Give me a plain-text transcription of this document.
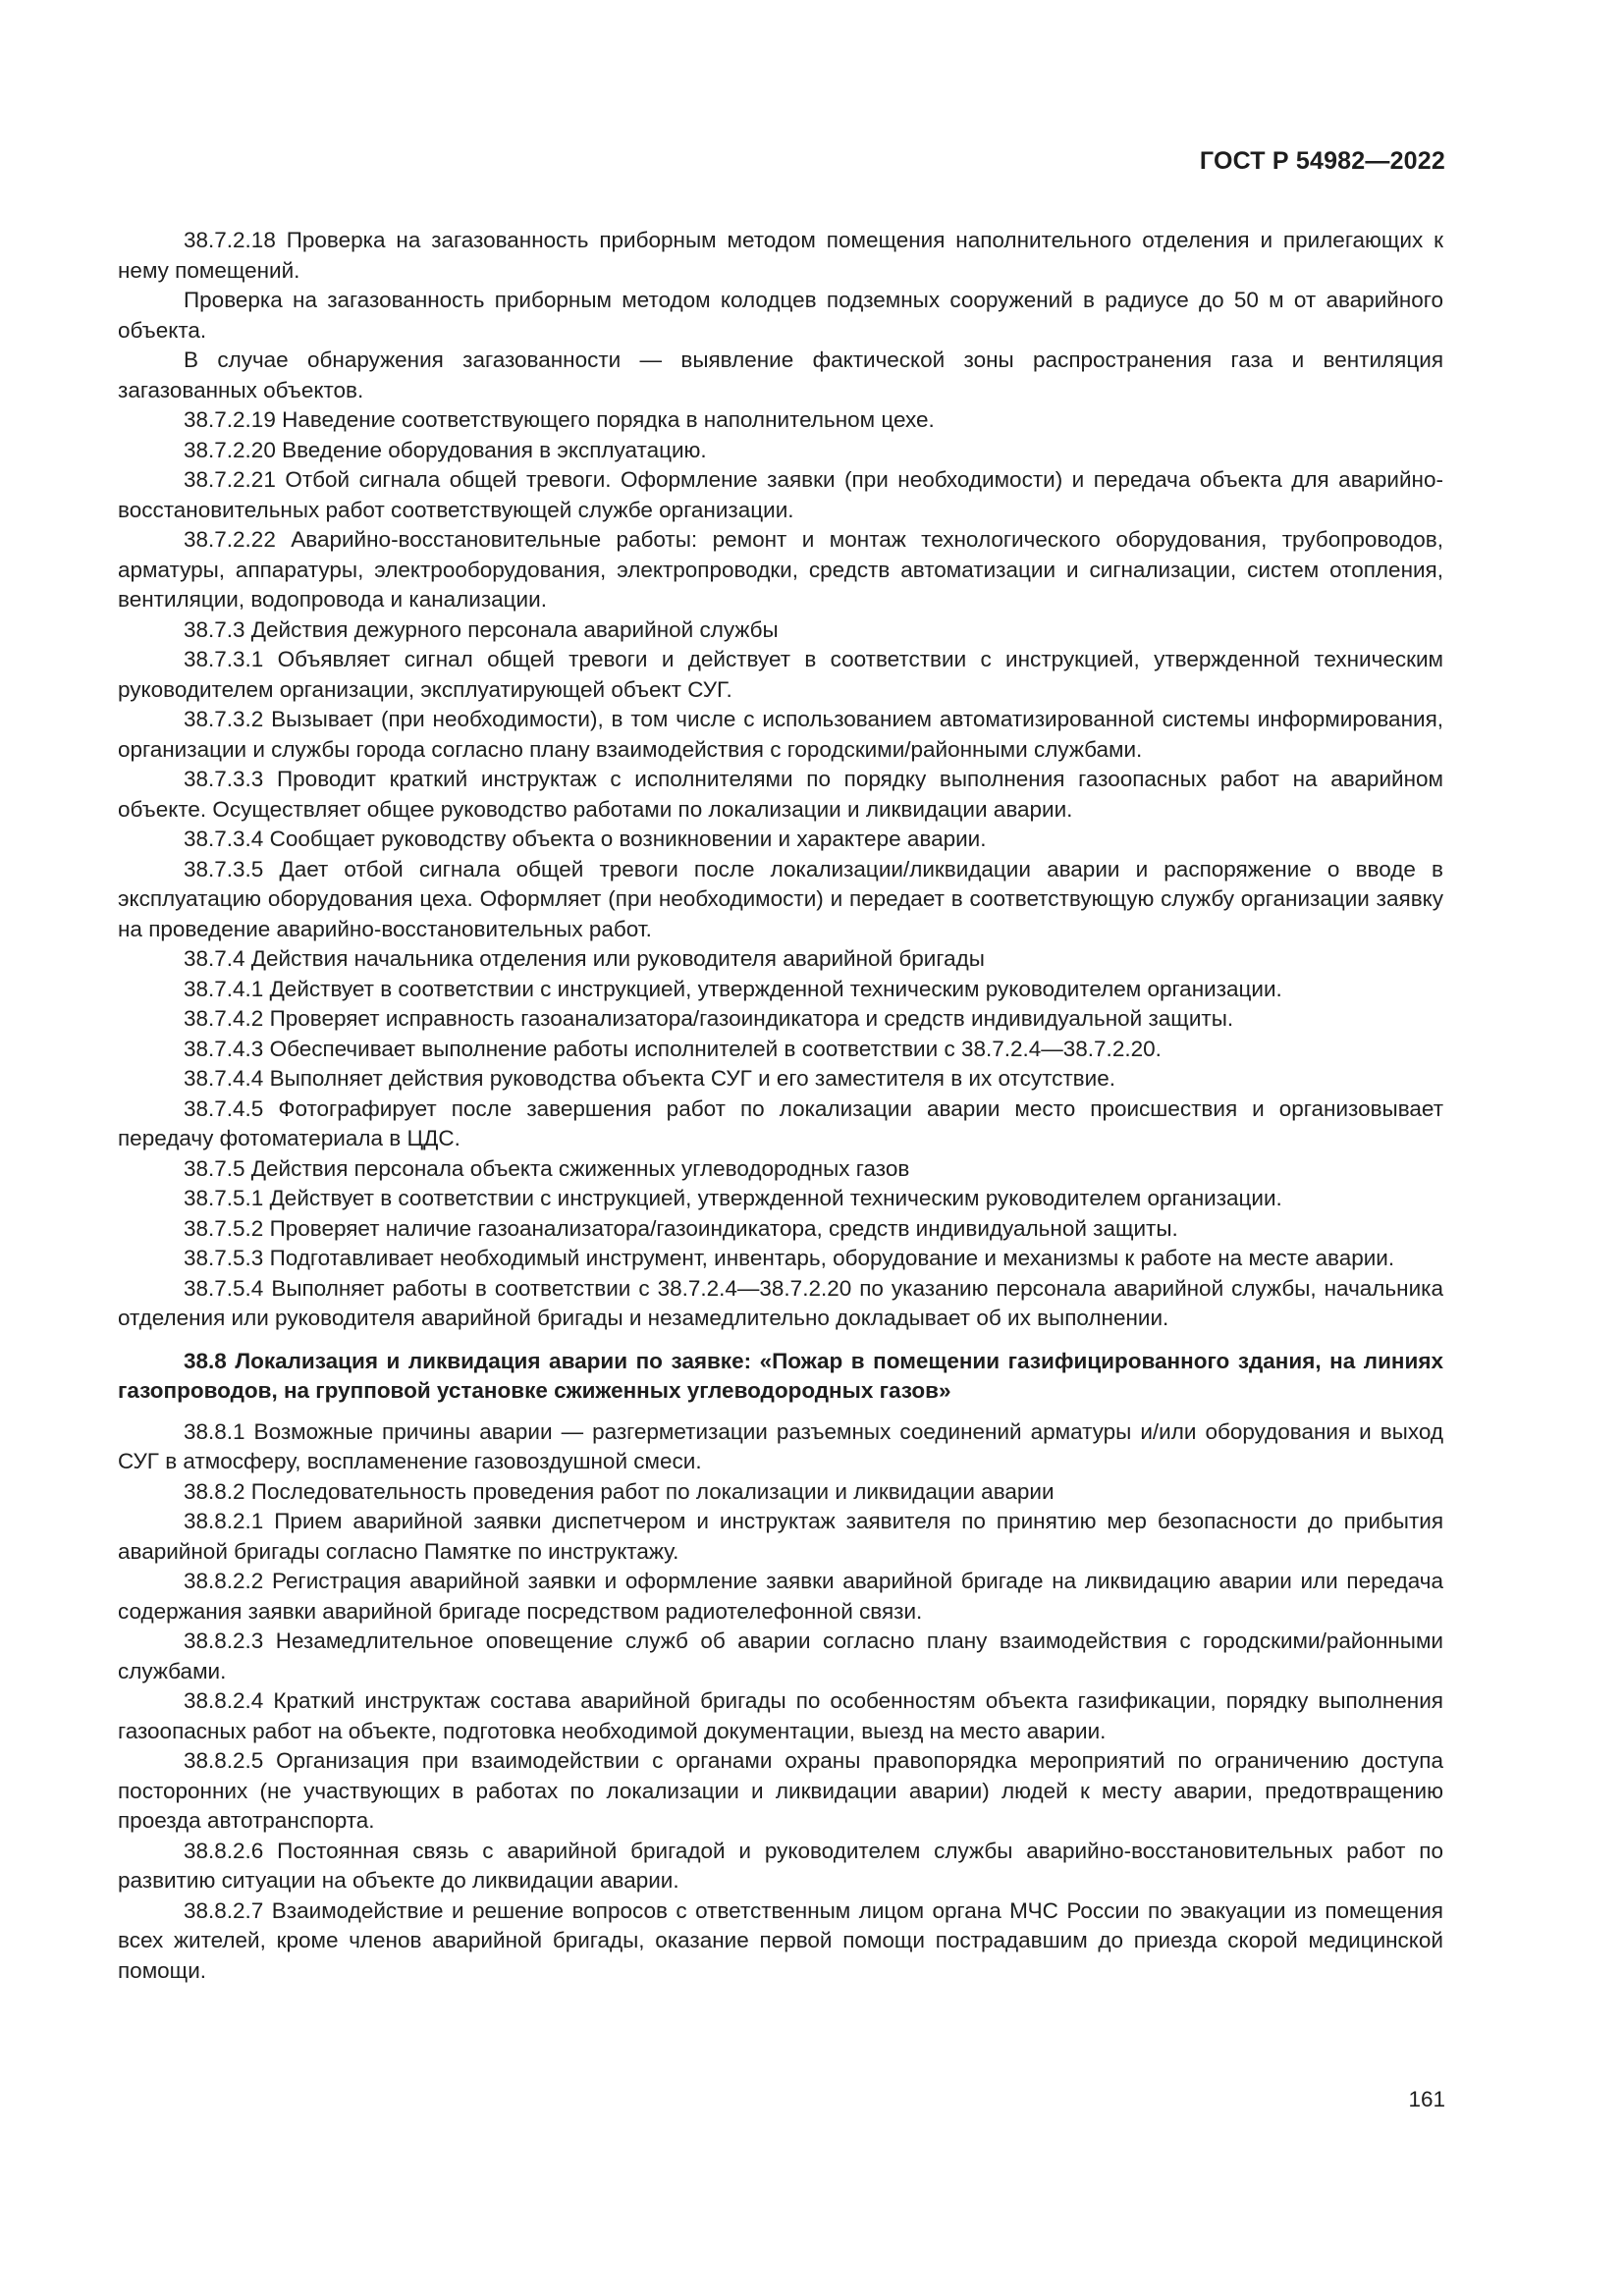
ГОСТ Р 54982—2022

38.7.2.18 Проверка на загазованность приборным методом помещения наполнительного отделения и прилегающих к нему помещений.

Проверка на загазованность приборным методом колодцев подземных сооружений в радиусе до 50 м от аварийного объекта.

В случае обнаружения загазованности — выявление фактической зоны распространения газа и вентиляция загазованных объектов.

38.7.2.19 Наведение соответствующего порядка в наполнительном цехе.

38.7.2.20 Введение оборудования в эксплуатацию.

38.7.2.21 Отбой сигнала общей тревоги. Оформление заявки (при необходимости) и передача объекта для аварийно-восстановительных работ соответствующей службе организации.

38.7.2.22 Аварийно-восстановительные работы: ремонт и монтаж технологического оборудования, трубопроводов, арматуры, аппаратуры, электрооборудования, электропроводки, средств автоматизации и сигнализации, систем отопления, вентиляции, водопровода и канализации.

38.7.3 Действия дежурного персонала аварийной службы

38.7.3.1 Объявляет сигнал общей тревоги и действует в соответствии с инструкцией, утвержденной техническим руководителем организации, эксплуатирующей объект СУГ.

38.7.3.2 Вызывает (при необходимости), в том числе с использованием автоматизированной системы информирования, организации и службы города согласно плану взаимодействия с городскими/районными службами.

38.7.3.3 Проводит краткий инструктаж с исполнителями по порядку выполнения газоопасных работ на аварийном объекте. Осуществляет общее руководство работами по локализации и ликвидации аварии.

38.7.3.4 Сообщает руководству объекта о возникновении и характере аварии.

38.7.3.5 Дает отбой сигнала общей тревоги после локализации/ликвидации аварии и распоряжение о вводе в эксплуатацию оборудования цеха. Оформляет (при необходимости) и передает в соответствующую службу организации заявку на проведение аварийно-восстановительных работ.

38.7.4 Действия начальника отделения или руководителя аварийной бригады

38.7.4.1 Действует в соответствии с инструкцией, утвержденной техническим руководителем организации.

38.7.4.2 Проверяет исправность газоанализатора/газоиндикатора и средств индивидуальной защиты.

38.7.4.3 Обеспечивает выполнение работы исполнителей в соответствии с 38.7.2.4—38.7.2.20.

38.7.4.4 Выполняет действия руководства объекта СУГ и его заместителя в их отсутствие.

38.7.4.5 Фотографирует после завершения работ по локализации аварии место происшествия и организовывает передачу фотоматериала в ЦДС.

38.7.5 Действия персонала объекта сжиженных углеводородных газов

38.7.5.1 Действует в соответствии с инструкцией, утвержденной техническим руководителем организации.

38.7.5.2 Проверяет наличие газоанализатора/газоиндикатора, средств индивидуальной защиты.

38.7.5.3 Подготавливает необходимый инструмент, инвентарь, оборудование и механизмы к работе на месте аварии.

38.7.5.4 Выполняет работы в соответствии с 38.7.2.4—38.7.2.20 по указанию персонала аварийной службы, начальника отделения или руководителя аварийной бригады и незамедлительно докладывает об их выполнении.

38.8 Локализация и ликвидация аварии по заявке: «Пожар в помещении газифицированного здания, на линиях газопроводов, на групповой установке сжиженных углеводородных газов»

38.8.1 Возможные причины аварии — разгерметизации разъемных соединений арматуры и/или оборудования и выход СУГ в атмосферу, воспламенение газовоздушной смеси.

38.8.2 Последовательность проведения работ по локализации и ликвидации аварии

38.8.2.1 Прием аварийной заявки диспетчером и инструктаж заявителя по принятию мер безопасности до прибытия аварийной бригады согласно Памятке по инструктажу.

38.8.2.2 Регистрация аварийной заявки и оформление заявки аварийной бригаде на ликвидацию аварии или передача содержания заявки аварийной бригаде посредством радиотелефонной связи.

38.8.2.3 Незамедлительное оповещение служб об аварии согласно плану взаимодействия с городскими/районными службами.

38.8.2.4 Краткий инструктаж состава аварийной бригады по особенностям объекта газификации, порядку выполнения газоопасных работ на объекте, подготовка необходимой документации, выезд на место аварии.

38.8.2.5 Организация при взаимодействии с органами охраны правопорядка мероприятий по ограничению доступа посторонних (не участвующих в работах по локализации и ликвидации аварии) людей к месту аварии, предотвращению проезда автотранспорта.

38.8.2.6 Постоянная связь с аварийной бригадой и руководителем службы аварийно-восстановительных работ по развитию ситуации на объекте до ликвидации аварии.

38.8.2.7 Взаимодействие и решение вопросов с ответственным лицом органа МЧС России по эвакуации из помещения всех жителей, кроме членов аварийной бригады, оказание первой помощи пострадавшим до приезда скорой медицинской помощи.

161
